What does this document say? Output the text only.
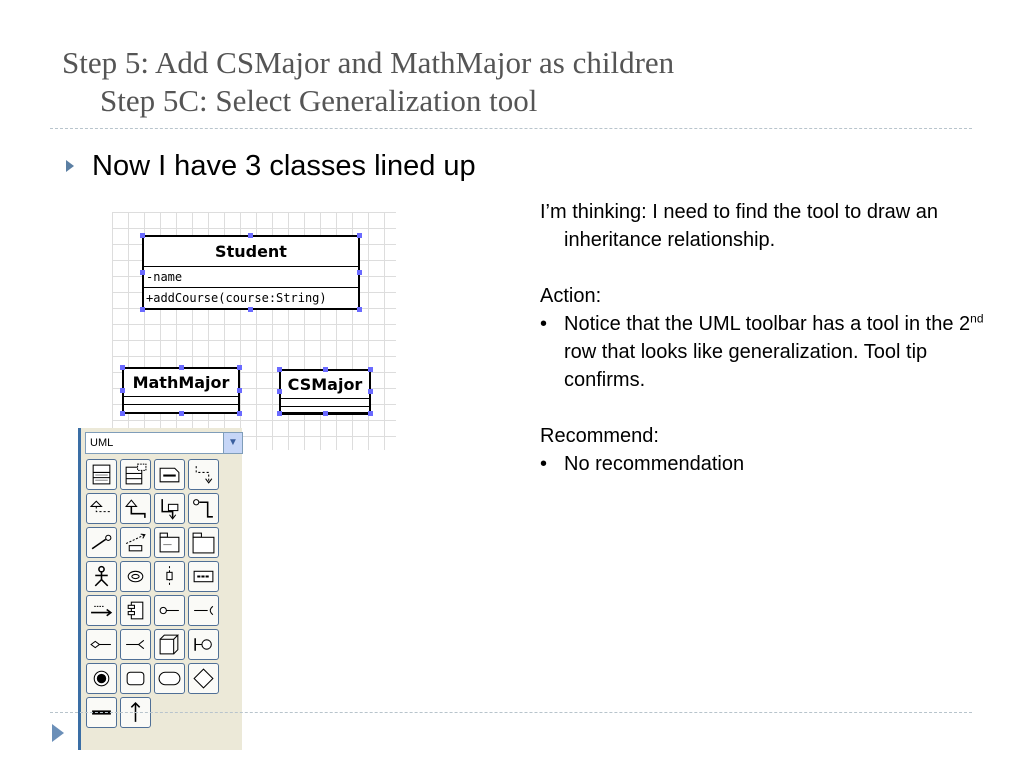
Step 5: Add CSMajor and MathMajor as children
Step 5C: Select Generalization tool
Now I have 3 classes lined up

I’m thinking: I need to find the tool to draw an inheritance relationship.

Action:

• Notice that the UML toolbar has a tool in the 2nd row that looks like generalization. Tool tip confirms.

Recommend:

• No recommendation

Student
-name
+addCourse(course:String)
MathMajor	CSMajor
UML	▼
